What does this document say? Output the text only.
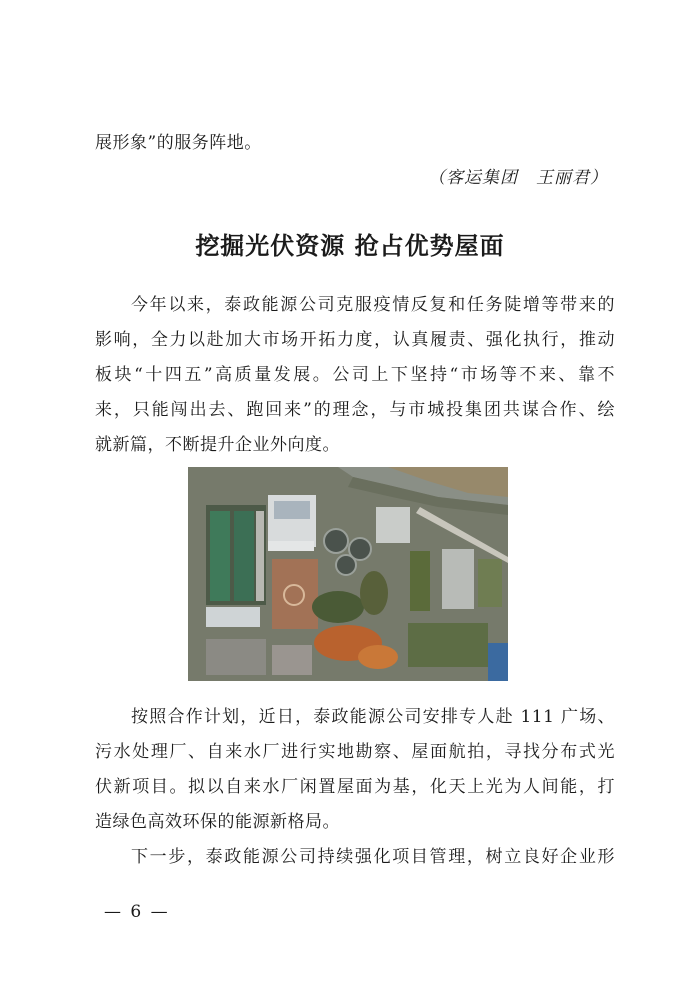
展形象”的服务阵地。
（客运集团　王丽君）
挖掘光伏资源 抢占优势屋面
今年以来，泰政能源公司克服疫情反复和任务陡增等带来的
影响，全力以赴加大市场开拓力度，认真履责、强化执行，推动
板块“十四五”高质量发展。公司上下坚持“市场等不来、靠不
来，只能闯出去、跑回来”的理念，与市城投集团共谋合作、绘
就新篇，不断提升企业外向度。
按照合作计划，近日，泰政能源公司安排专人赴 111 广场、
污水处理厂、自来水厂进行实地勘察、屋面航拍，寻找分布式光
伏新项目。拟以自来水厂闲置屋面为基，化天上光为人间能，打
造绿色高效环保的能源新格局。
下一步，泰政能源公司持续强化项目管理，树立良好企业形
— 6 —
